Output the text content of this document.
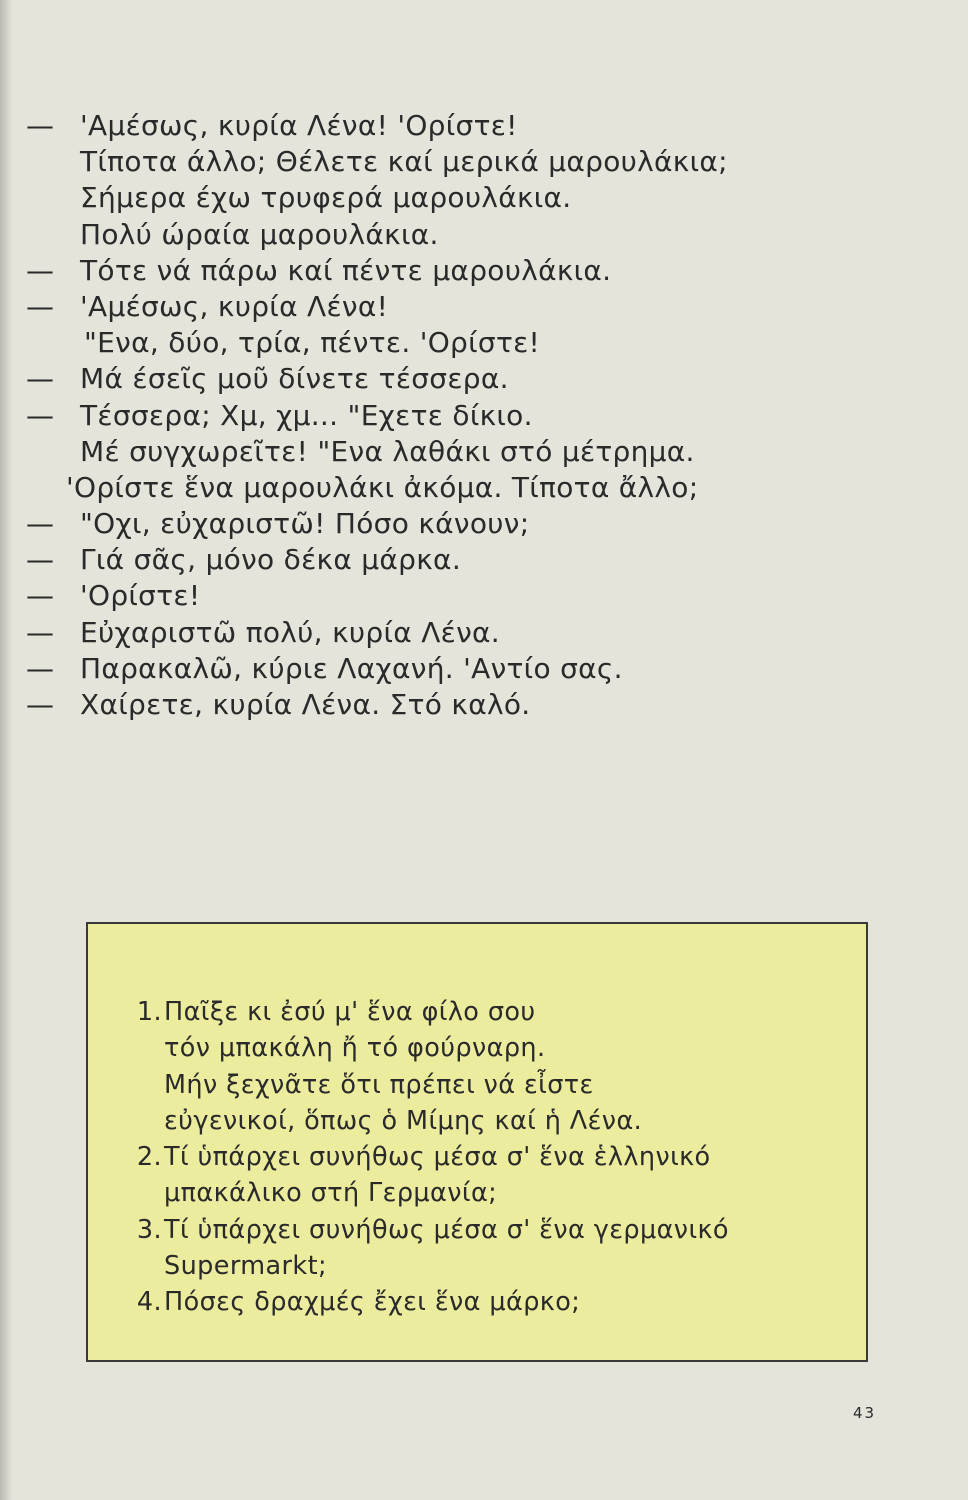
— 'Αμέσως, κυρία Λένα! 'Ορίστε!
Τίποτα άλλο; Θέλετε καί μερικά μαρουλάκια;
Σήμερα έχω τρυφερά μαρουλάκια.
Πολύ ώραία μαρουλάκια.
— Τότε νά πάρω καί πέντε μαρουλάκια.
— 'Αμέσως, κυρία Λένα!
"Ενα, δύο, τρία, πέντε. 'Ορίστε!
— Μά έσεῖς μοῦ δίνετε τέσσερα.
— Τέσσερα; Χμ, χμ... "Εχετε δίκιο.
Μέ συγχωρεῖτε! "Ενα λαθάκι στό μέτρημα.
'Ορίστε ἕνα μαρουλάκι ἀκόμα. Τίποτα ἄλλο;
— "Οχι, εὐχαριστῶ! Πόσο κάνουν;
— Γιά σᾶς, μόνο δέκα μάρκα.
— 'Ορίστε!
— Εὐχαριστῶ πολύ, κυρία Λένα.
— Παρακαλῶ, κύριε Λαχανή. 'Αντίο σας.
— Χαίρετε, κυρία Λένα. Στό καλό.
1. Παῖξε κι ἐσύ μ' ἕνα φίλο σου
τόν μπακάλη ἤ τό φούρναρη.
Μήν ξεχνᾶτε ὅτι πρέπει νά εἶστε
εὐγενικοί, ὅπως ὁ Μίμης καί ἡ Λένα.
2. Τί ὑπάρχει συνήθως μέσα σ' ἕνα ἑλληνικό
μπακάλικο στή Γερμανία;
3. Τί ὑπάρχει συνήθως μέσα σ' ἕνα γερμανικό
Supermarkt;
4. Πόσες δραχμές ἔχει ἕνα μάρκο;
43
